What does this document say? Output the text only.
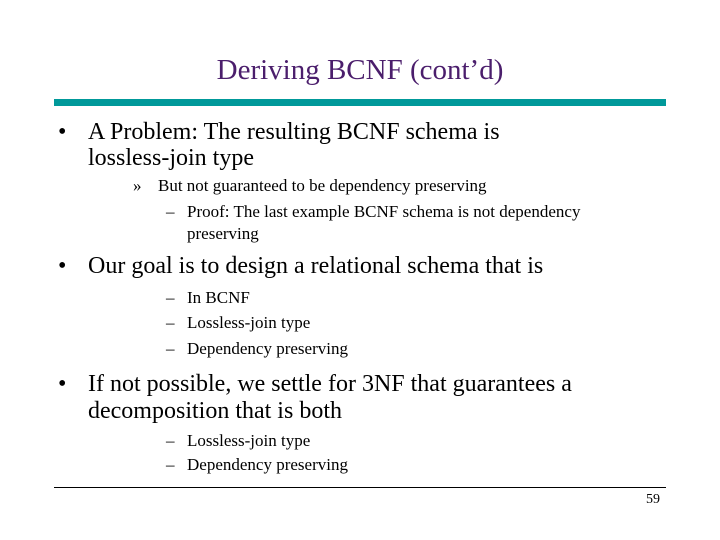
Deriving BCNF (cont’d)
• A Problem: The resulting BCNF schema is
lossless-join type
» But not guaranteed to be dependency preserving
– Proof: The last example BCNF schema is not dependency
preserving
• Our goal is to design a relational schema that is
– In BCNF
– Lossless-join type
– Dependency preserving
• If not possible, we settle for 3NF that guarantees a
decomposition that is both
– Lossless-join type
– Dependency preserving
59
